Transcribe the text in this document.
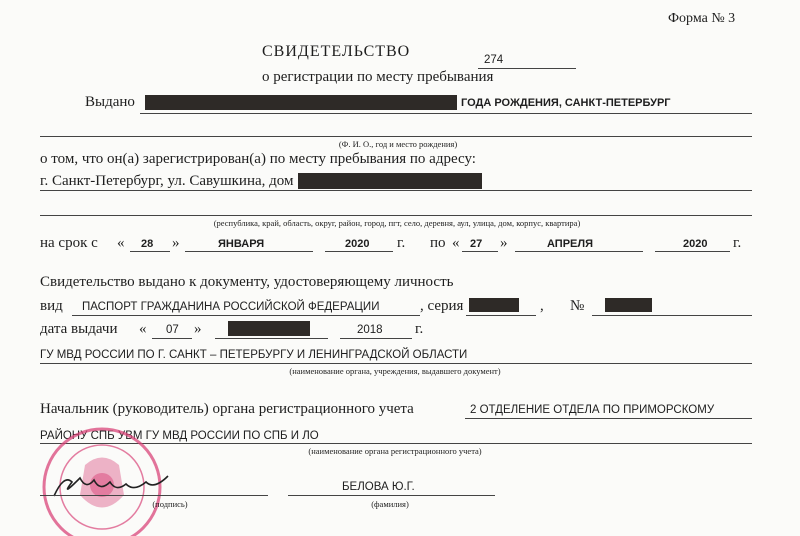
Форма № 3
СВИДЕТЕЛЬСТВО	274
о регистрации по месту пребывания
Выдано	ГОДА РОЖДЕНИЯ, САНКТ-ПЕТЕРБУРГ
(Ф. И. О., год и место рождения)
о том, что он(а) зарегистрирован(а) по месту пребывания по адресу:
г. Санкт-Петербург, ул. Савушкина, дом
(республика, край, область, округ, район, город, пгт, село, деревня, аул, улица, дом, корпус, квартира)
на срок с « 28 »	ЯНВАРЯ	2020 г. по « 27 »	АПРЕЛЯ	2020 г.
Свидетельство выдано к документу, удостоверяющему личность
вид ПАСПОРТ ГРАЖДАНИНА РОССИЙСКОЙ ФЕДЕРАЦИИ	, серия	, №
дата выдачи « 07 »	2018 г.
ГУ МВД РОССИИ ПО Г. САНКТ – ПЕТЕРБУРГУ И ЛЕНИНГРАДСКОЙ ОБЛАСТИ
(наименование органа, учреждения, выдавшего документ)
Начальник (руководитель) органа регистрационного учета	2 ОТДЕЛЕНИЕ ОТДЕЛА ПО ПРИМОРСКОМУ
РАЙОНУ СПБ УВМ ГУ МВД РОССИИ ПО СПБ И ЛО
(наименование органа регистрационного учета)
(подпись)
БЕЛОВА Ю.Г.
(фамилия)
